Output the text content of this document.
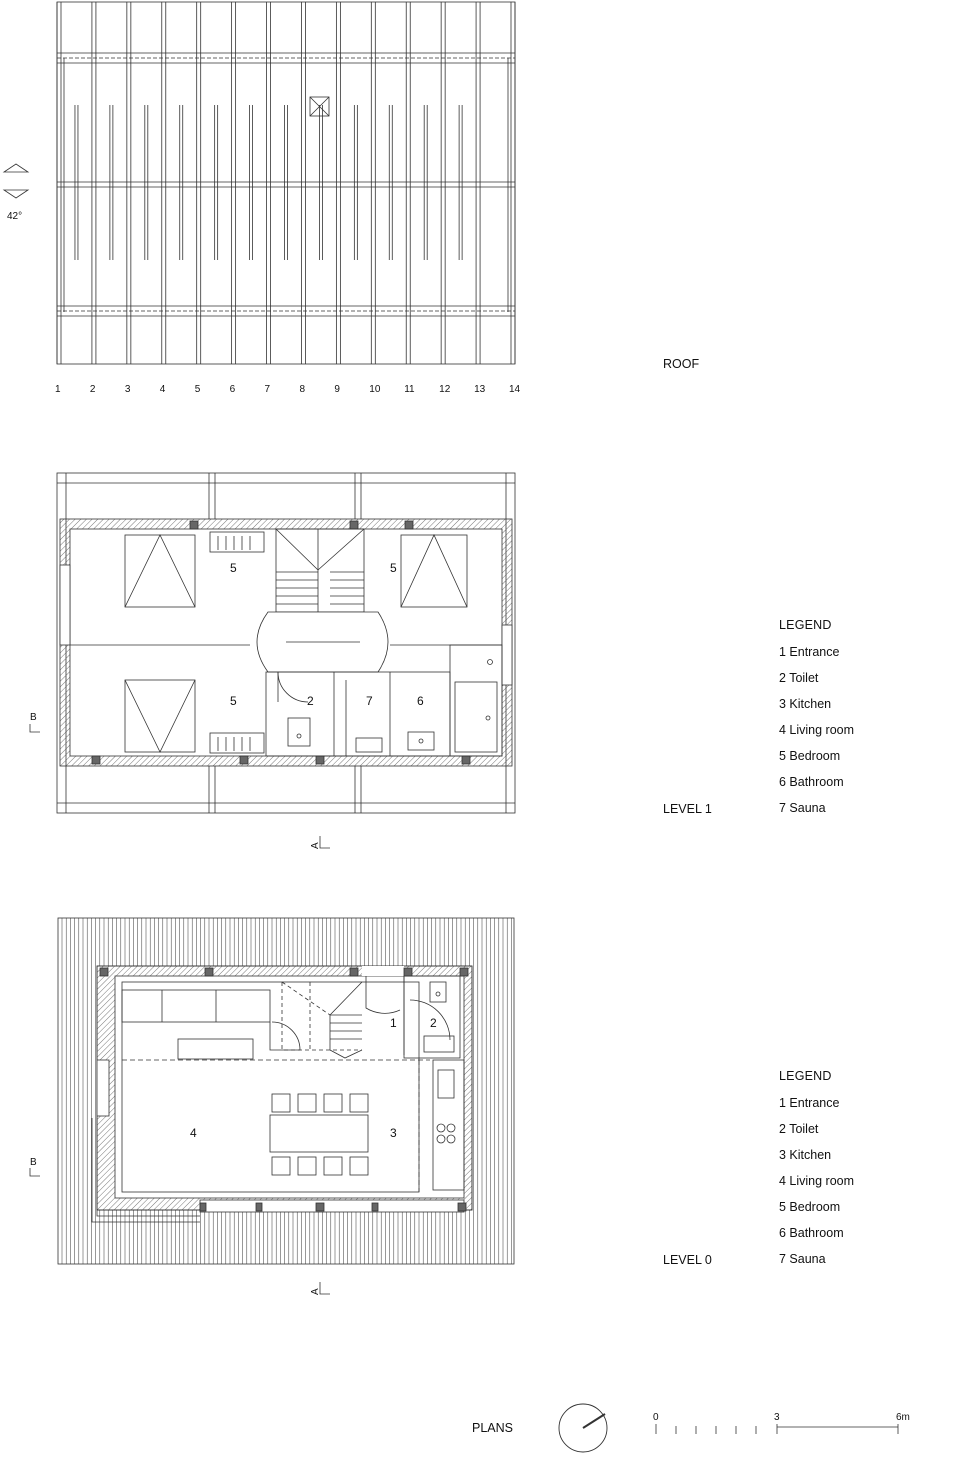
42°
1	2	3	4	5	6	7	8	9	10 11 12 13 14
5	5
5	2	7	6
B
A
1	2
4	3
B
A
0	3	6m
ROOF
LEVEL 1
LEVEL 0
PLANS
LEGEND
1 Entrance
2 Toilet
3 Kitchen
4 Living room
5 Bedroom
6 Bathroom
7 Sauna
LEGEND
1 Entrance
2 Toilet
3 Kitchen
4 Living room
5 Bedroom
6 Bathroom
7 Sauna
